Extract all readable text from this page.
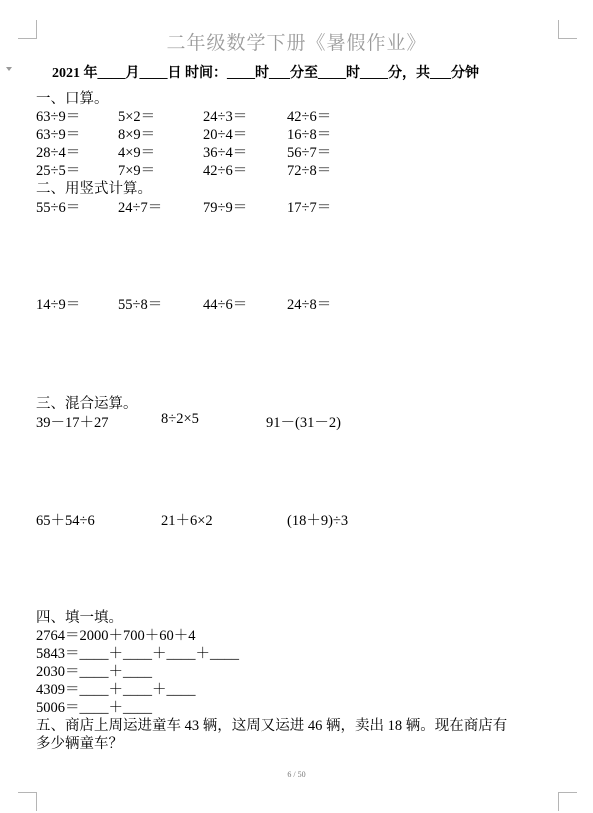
二年级数学下册《暑假作业》
2021 年____月____日 时间：____时___分至____时____分，共___分钟
一、口算。
63÷9＝	5×2＝	24÷3＝	42÷6＝
63÷9＝	8×9＝	20÷4＝	16÷8＝
28÷4＝	4×9＝	36÷4＝	56÷7＝
25÷5＝	7×9＝	42÷6＝	72÷8＝
二、用竖式计算。
55÷6＝	24÷7＝	79÷9＝	17÷7＝
14÷9＝	55÷8＝	44÷6＝	24÷8＝
三、混合运算。
39－17＋27	8÷2×5	91－(31－2)
65＋54÷6	21＋6×2	(18＋9)÷3
四、填一填。
2764＝2000＋700＋60＋4
5843＝____＋____＋____＋____
2030＝____＋____
4309＝____＋____＋____
5006＝____＋____
五、商店上周运进童车 43 辆，这周又运进 46 辆，卖出 18 辆。现在商店有
多少辆童车？
6 / 50
